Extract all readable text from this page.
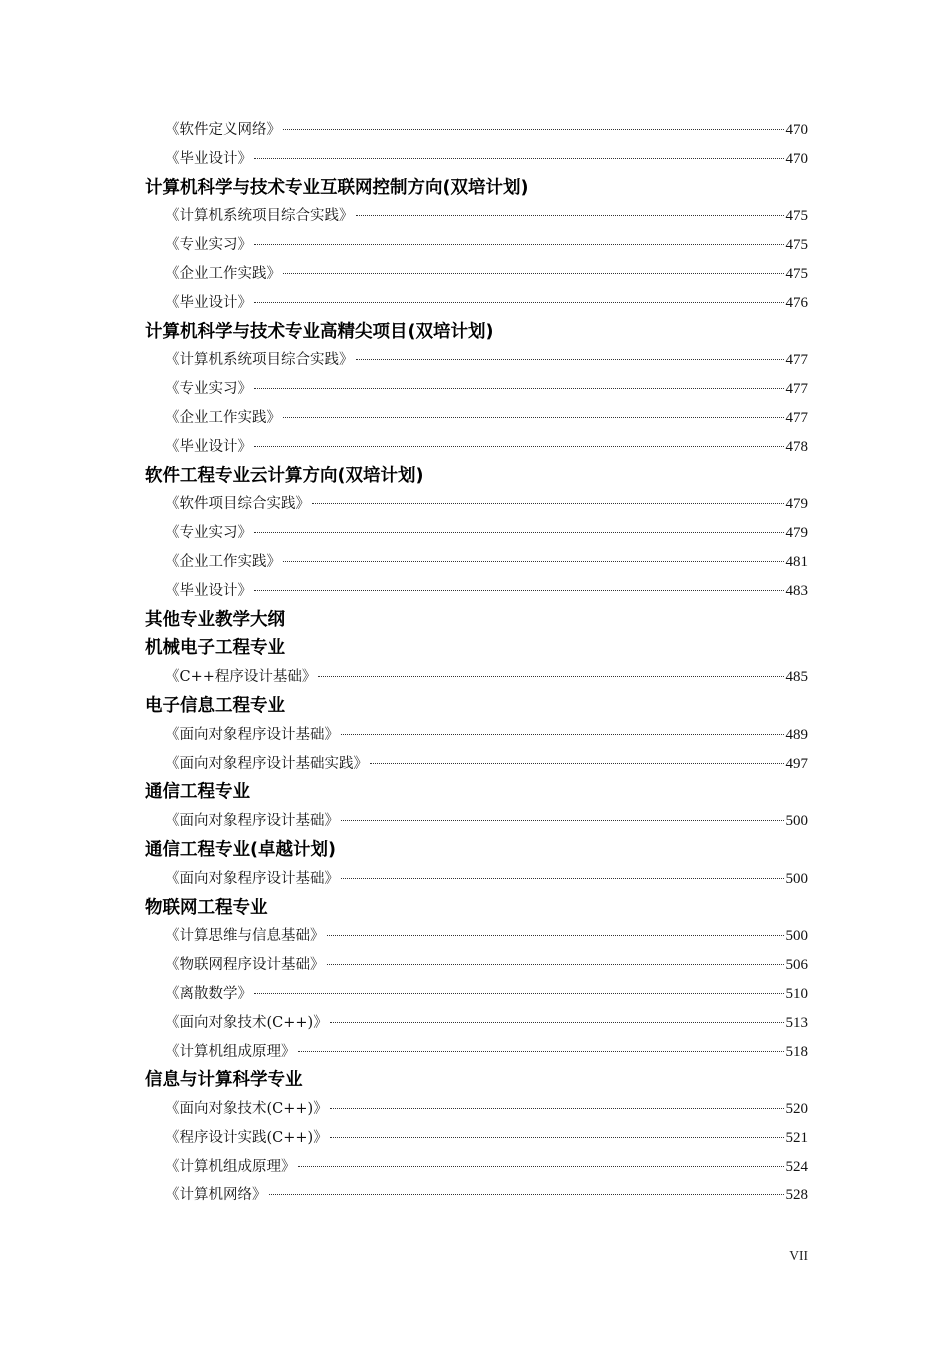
《软件定义网络》	470
《毕业设计》	470
计算机科学与技术专业互联网控制方向(双培计划)
《计算机系统项目综合实践》	475
《专业实习》	475
《企业工作实践》	475
《毕业设计》	476
计算机科学与技术专业高精尖项目(双培计划)
《计算机系统项目综合实践》	477
《专业实习》	477
《企业工作实践》	477
《毕业设计》	478
软件工程专业云计算方向(双培计划)
《软件项目综合实践》	479
《专业实习》	479
《企业工作实践》	481
《毕业设计》	483
其他专业教学大纲
机械电子工程专业
《C++程序设计基础》	485
电子信息工程专业
《面向对象程序设计基础》	489
《面向对象程序设计基础实践》	497
通信工程专业
《面向对象程序设计基础》	500
通信工程专业(卓越计划)
《面向对象程序设计基础》	500
物联网工程专业
《计算思维与信息基础》	500
《物联网程序设计基础》	506
《离散数学》	510
《面向对象技术(C++)》	513
《计算机组成原理》	518
信息与计算科学专业
《面向对象技术(C++)》	520
《程序设计实践(C++)》	521
《计算机组成原理》	524
《计算机网络》	528
VII
